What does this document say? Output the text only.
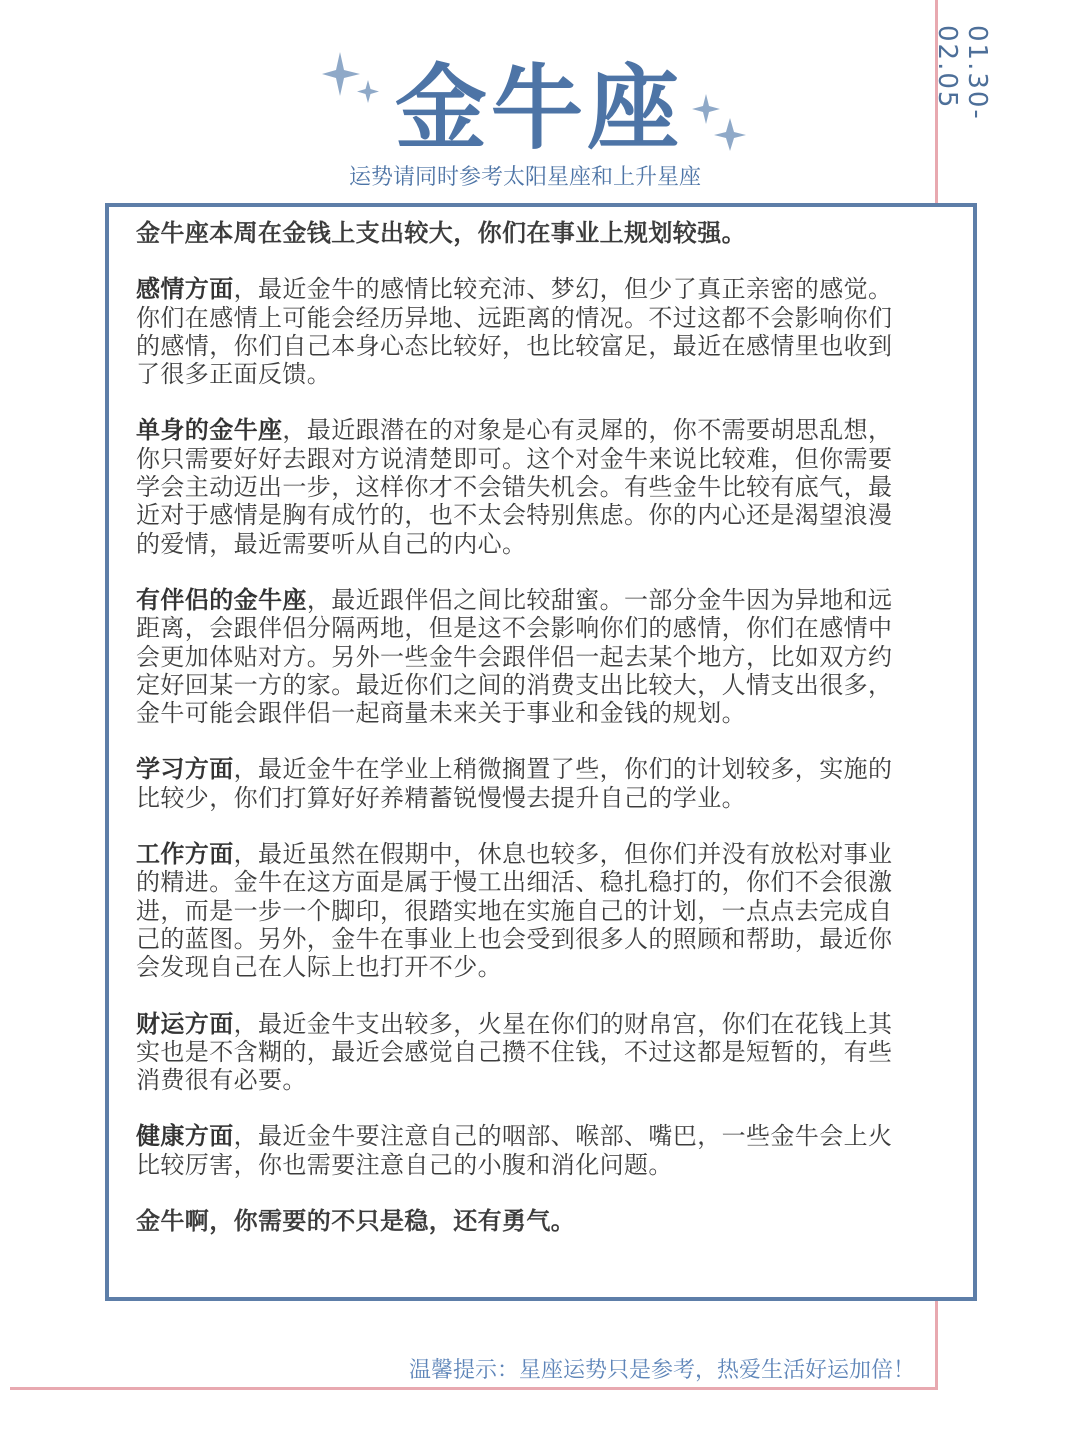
01.30-02.05
金牛座
运势请同时参考太阳星座和上升星座

金牛座本周在金钱上支出较大，你们在事业上规划较强。

感情方面，最近金牛的感情比较充沛、梦幻，但少了真正亲密的感觉。你们在感情上可能会经历异地、远距离的情况。不过这都不会影响你们的感情，你们自己本身心态比较好，也比较富足，最近在感情里也收到了很多正面反馈。

单身的金牛座，最近跟潜在的对象是心有灵犀的，你不需要胡思乱想，你只需要好好去跟对方说清楚即可。这个对金牛来说比较难，但你需要学会主动迈出一步，这样你才不会错失机会。有些金牛比较有底气，最近对于感情是胸有成竹的，也不太会特别焦虑。你的内心还是渴望浪漫的爱情，最近需要听从自己的内心。

有伴侣的金牛座，最近跟伴侣之间比较甜蜜。一部分金牛因为异地和远距离，会跟伴侣分隔两地，但是这不会影响你们的感情，你们在感情中会更加体贴对方。另外一些金牛会跟伴侣一起去某个地方，比如双方约定好回某一方的家。最近你们之间的消费支出比较大，人情支出很多，金牛可能会跟伴侣一起商量未来关于事业和金钱的规划。

学习方面，最近金牛在学业上稍微搁置了些，你们的计划较多，实施的比较少，你们打算好好养精蓄锐慢慢去提升自己的学业。

工作方面，最近虽然在假期中，休息也较多，但你们并没有放松对事业的精进。金牛在这方面是属于慢工出细活、稳扎稳打的，你们不会很激进，而是一步一个脚印，很踏实地在实施自己的计划，一点点去完成自己的蓝图。另外，金牛在事业上也会受到很多人的照顾和帮助，最近你会发现自己在人际上也打开不少。

财运方面，最近金牛支出较多，火星在你们的财帛宫，你们在花钱上其实也是不含糊的，最近会感觉自己攒不住钱，不过这都是短暂的，有些消费很有必要。

健康方面，最近金牛要注意自己的咽部、喉部、嘴巴，一些金牛会上火比较厉害，你也需要注意自己的小腹和消化问题。

金牛啊，你需要的不只是稳，还有勇气。

温馨提示：星座运势只是参考，热爱生活好运加倍！
